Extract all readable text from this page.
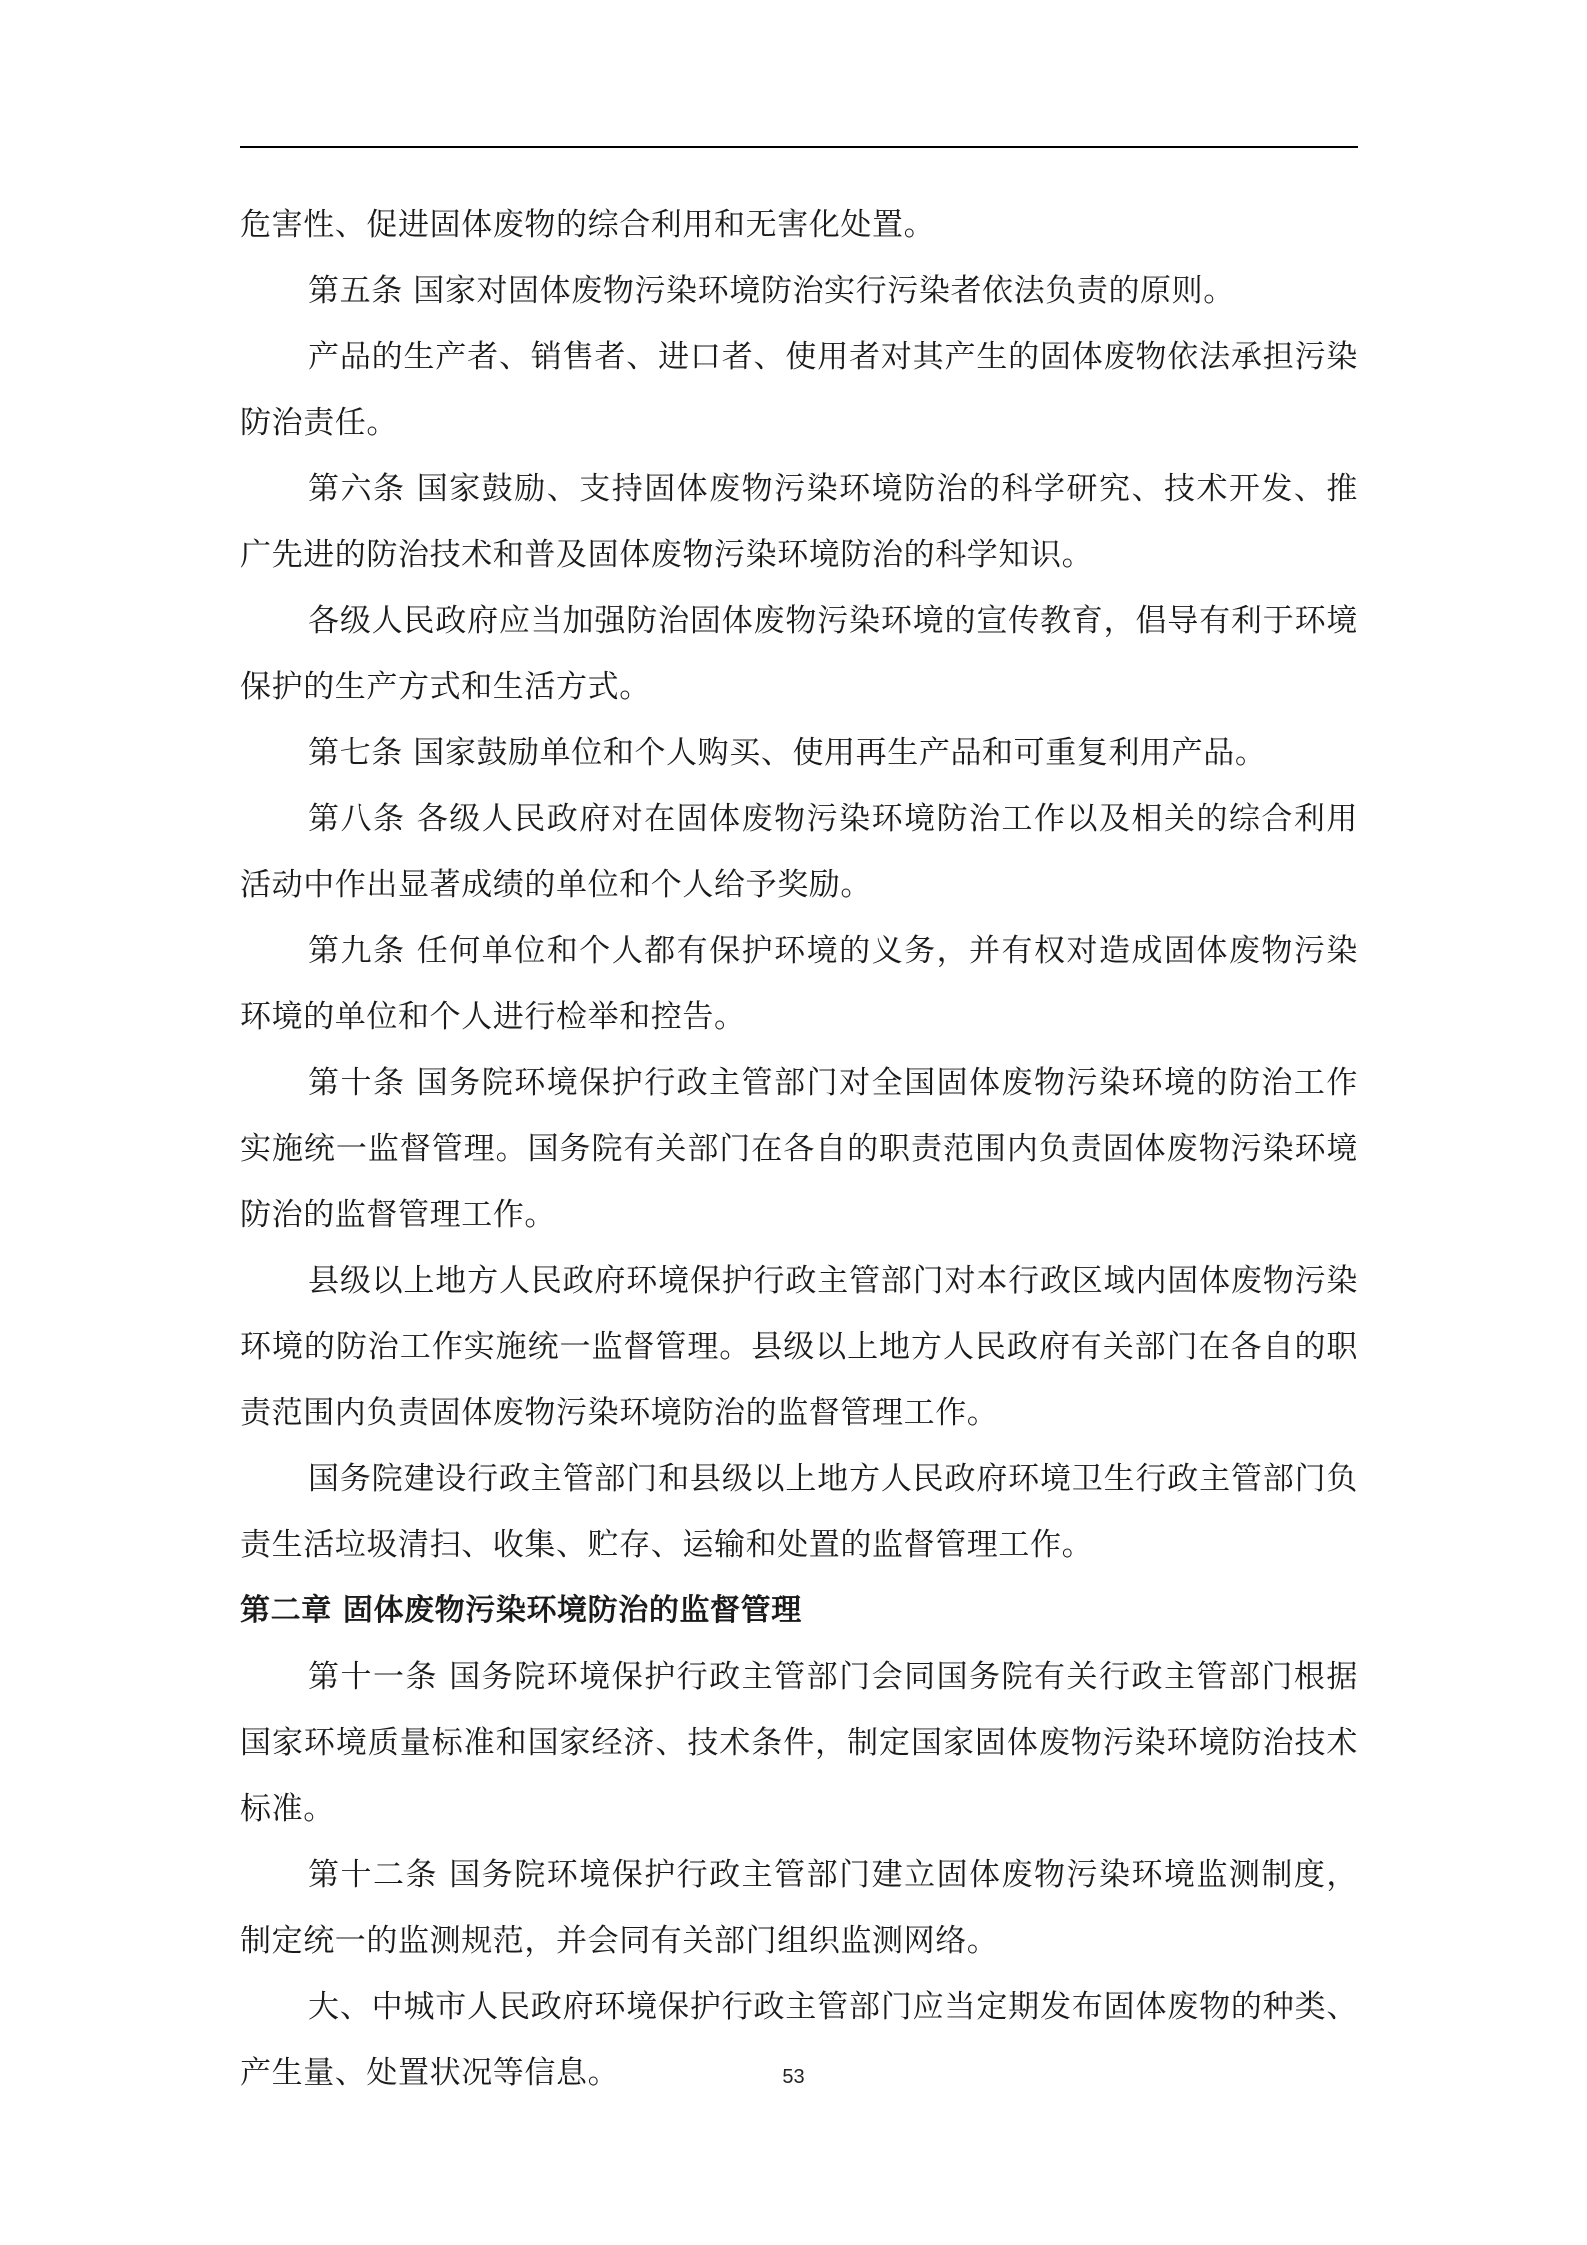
危害性、促进固体废物的综合利用和无害化处置。

第五条 国家对固体废物污染环境防治实行污染者依法负责的原则。

产品的生产者、销售者、进口者、使用者对其产生的固体废物依法承担污染防治责任。

第六条 国家鼓励、支持固体废物污染环境防治的科学研究、技术开发、推广先进的防治技术和普及固体废物污染环境防治的科学知识。

各级人民政府应当加强防治固体废物污染环境的宣传教育，倡导有利于环境保护的生产方式和生活方式。

第七条 国家鼓励单位和个人购买、使用再生产品和可重复利用产品。

第八条 各级人民政府对在固体废物污染环境防治工作以及相关的综合利用活动中作出显著成绩的单位和个人给予奖励。

第九条 任何单位和个人都有保护环境的义务，并有权对造成固体废物污染环境的单位和个人进行检举和控告。

第十条 国务院环境保护行政主管部门对全国固体废物污染环境的防治工作实施统一监督管理。国务院有关部门在各自的职责范围内负责固体废物污染环境防治的监督管理工作。

县级以上地方人民政府环境保护行政主管部门对本行政区域内固体废物污染环境的防治工作实施统一监督管理。县级以上地方人民政府有关部门在各自的职责范围内负责固体废物污染环境防治的监督管理工作。

国务院建设行政主管部门和县级以上地方人民政府环境卫生行政主管部门负责生活垃圾清扫、收集、贮存、运输和处置的监督管理工作。

第二章 固体废物污染环境防治的监督管理

第十一条 国务院环境保护行政主管部门会同国务院有关行政主管部门根据国家环境质量标准和国家经济、技术条件，制定国家固体废物污染环境防治技术标准。

第十二条 国务院环境保护行政主管部门建立固体废物污染环境监测制度，制定统一的监测规范，并会同有关部门组织监测网络。

大、中城市人民政府环境保护行政主管部门应当定期发布固体废物的种类、产生量、处置状况等信息。	53
